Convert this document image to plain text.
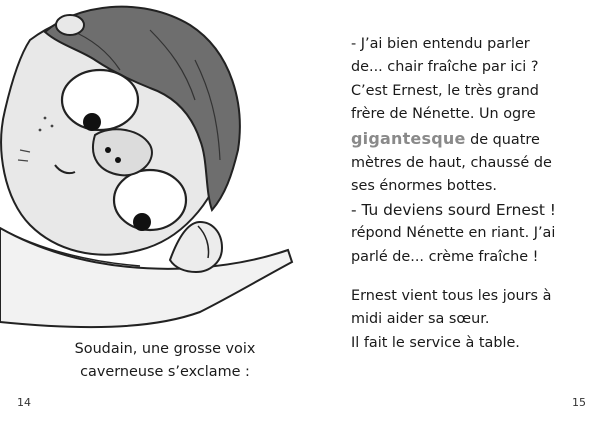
Soudain, une grosse voix
caverneuse s’exclame :

- J’ai bien entendu parler

de... chair fraîche par ici ?

C’est Ernest, le très grand

frère de Nénette. Un ogre

gigantesque de quatre

mètres de haut, chaussé de

ses énormes bottes.

- Tu deviens sourd Ernest !

répond Nénette en riant. J’ai

parlé de... crème fraîche !

Ernest vient tous les jours à

midi aider sa sœur.

Il fait le service à table.

14	15
